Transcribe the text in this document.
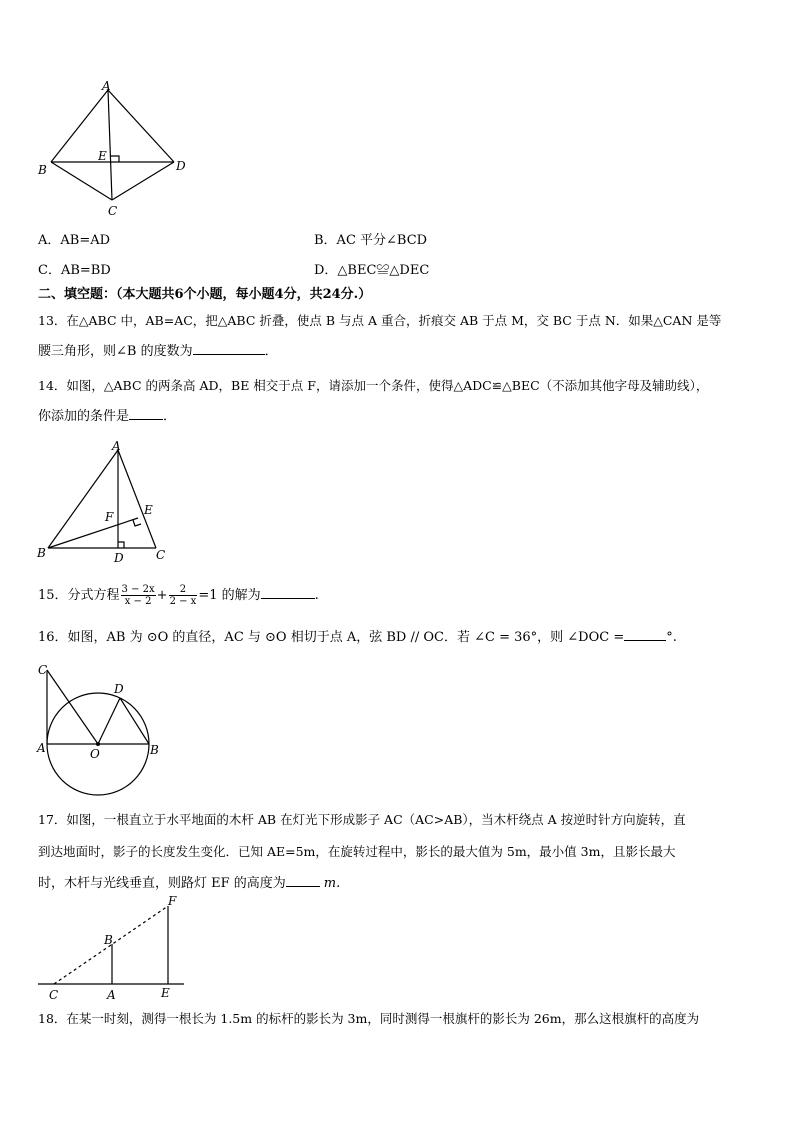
A
B
C
D
E
A．AB=AD	B．AC 平分∠BCD
C．AB=BD	D．△BEC≌△DEC
二、填空题：（本大题共6个小题，每小题4分，共24分.）
13．在△ABC 中，AB=AC，把△ABC 折叠，使点 B 与点 A 重合，折痕交 AB 于点 M，交 BC 于点 N．如果△CAN 是等
腰三角形，则∠B 的度数为	．
14．如图，△ABC 的两条高 AD，BE 相交于点 F，请添加一个条件，使得△ADC≌△BEC（不添加其他字母及辅助线），
你添加的条件是	．
A
B	C
D
E
F
15．分式方程 $\frac{3 - 2x}{x - 2} + \frac{2}{2 - x} =1$ 的解为	.
16．如图，AB 为 ⊙O 的直径，AC 与 ⊙O 相切于点 A，弦 BD // OC．若 ∠C = 36°，则 ∠DOC =	°.
C
D
A	O	B
17．如图，一根直立于水平地面的木杆 AB 在灯光下形成影子 AC（AC>AB），当木杆绕点 A 按逆时针方向旋转，直
到达地面时，影子的长度发生变化．已知 AE=5m，在旋转过程中，影长的最大值为 5m，最小值 3m，且影长最大
时，木杆与光线垂直，则路灯 EF 的高度为	m.
F
B
C	A	E
18．在某一时刻，测得一根长为 1.5m 的标杆的影长为 3m，同时测得一根旗杆的影长为 26m，那么这根旗杆的高度为
